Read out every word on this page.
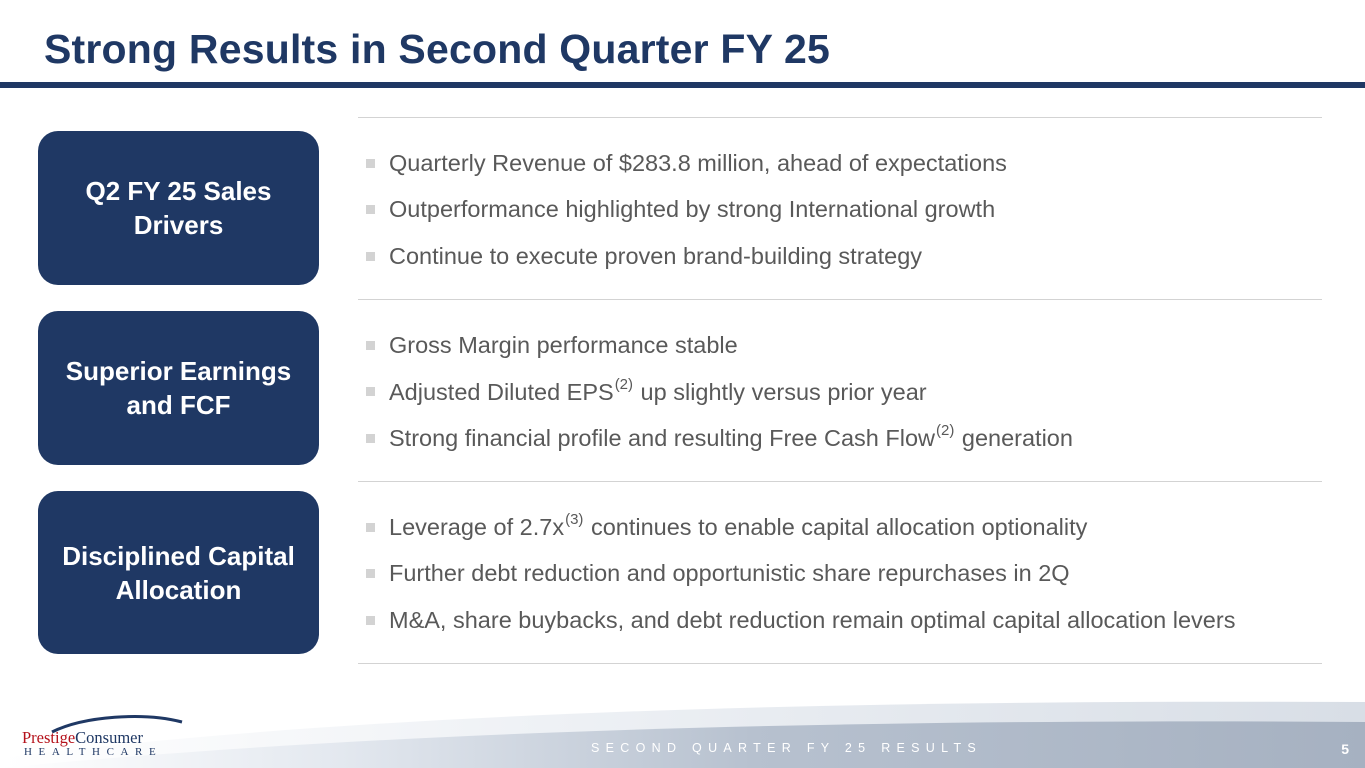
Strong Results in Second Quarter FY 25
Q2 FY 25 Sales
Drivers
Quarterly Revenue of $283.8 million, ahead of expectations
Outperformance highlighted by strong International growth
Continue to execute proven brand-building strategy
Superior Earnings
and FCF
Gross Margin performance stable
Adjusted Diluted EPS$^{(2)}$ up slightly versus prior year
Strong financial profile and resulting Free Cash Flow$^{(2)}$ generation
Disciplined Capital
Allocation
Leverage of $2.7x^{(3)}$ continues to enable capital allocation optionality
Further debt reduction and opportunistic share repurchases in 2Q
M&A, share buybacks, and debt reduction remain optimal capital allocation levers
PrestigeConsumer
HEALTHCARE	SECOND QUARTER FY 25 RESULTS	5
